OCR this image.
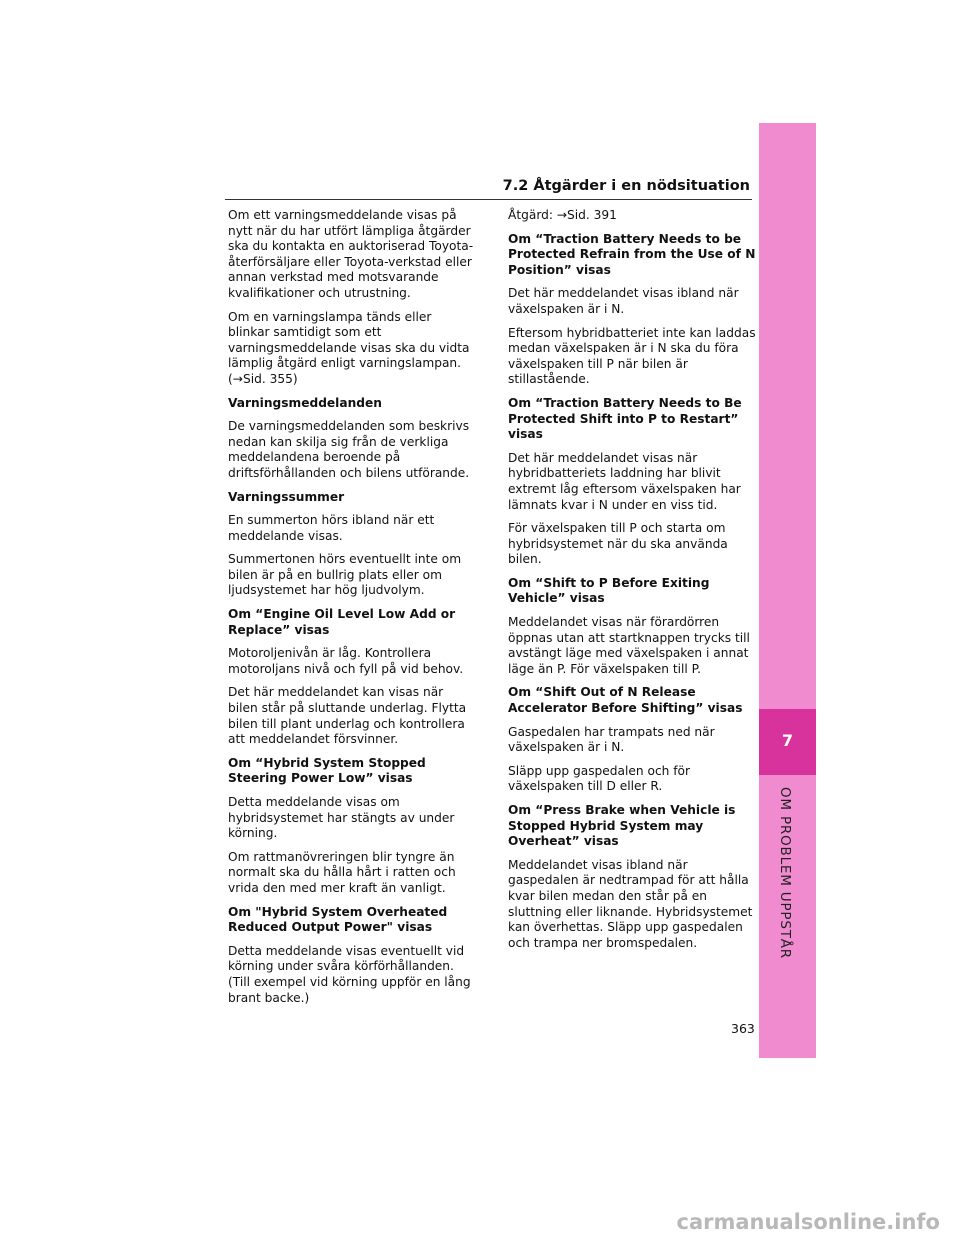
7.2 Åtgärder i en nödsituation

Om ett varningsmeddelande visas på nytt när du har utfört lämpliga åtgärder ska du kontakta en auktoriserad Toyota-återförsäljare eller Toyota-verkstad eller annan verkstad med motsvarande kvalifikationer och utrustning.

Om en varningslampa tänds eller blinkar samtidigt som ett varningsmeddelande visas ska du vidta lämplig åtgärd enligt varningslampan. (→Sid. 355)

Varningsmeddelanden

De varningsmeddelanden som beskrivs nedan kan skilja sig från de verkliga meddelandena beroende på driftsförhållanden och bilens utförande.

Varningssummer

En summerton hörs ibland när ett meddelande visas.

Summertonen hörs eventuellt inte om bilen är på en bullrig plats eller om ljudsystemet har hög ljudvolym.

Om “Engine Oil Level Low Add or Replace” visas

Motoroljenivån är låg. Kontrollera motoroljans nivå och fyll på vid behov.

Det här meddelandet kan visas när bilen står på sluttande underlag. Flytta bilen till plant underlag och kontrollera att meddelandet försvinner.

Om “Hybrid System Stopped Steering Power Low” visas

Detta meddelande visas om hybridsystemet har stängts av under körning.

Om rattmanövreringen blir tyngre än normalt ska du hålla hårt i ratten och vrida den med mer kraft än vanligt.

Om "Hybrid System Overheated Reduced Output Power" visas

Detta meddelande visas eventuellt vid körning under svåra körförhållanden. (Till exempel vid körning uppför en lång brant backe.)

Åtgärd: →Sid. 391

Om “Traction Battery Needs to be Protected Refrain from the Use of N Position” visas

Det här meddelandet visas ibland när växelspaken är i N.

Eftersom hybridbatteriet inte kan laddas medan växelspaken är i N ska du föra växelspaken till P när bilen är stillastående.

Om “Traction Battery Needs to Be Protected Shift into P to Restart” visas

Det här meddelandet visas när hybridbatteriets laddning har blivit extremt låg eftersom växelspaken har lämnats kvar i N under en viss tid.

För växelspaken till P och starta om hybridsystemet när du ska använda bilen.

Om “Shift to P Before Exiting Vehicle” visas

Meddelandet visas när förardörren öppnas utan att startknappen trycks till avstängt läge med växelspaken i annat läge än P. För växelspaken till P.

Om “Shift Out of N Release Accelerator Before Shifting” visas

Gaspedalen har trampats ned när växelspaken är i N.

Släpp upp gaspedalen och för växelspaken till D eller R.

Om “Press Brake when Vehicle is Stopped Hybrid System may Overheat” visas

Meddelandet visas ibland när gaspedalen är nedtrampad för att hålla kvar bilen medan den står på en sluttning eller liknande. Hybridsystemet kan överhettas. Släpp upp gaspedalen och trampa ner bromspedalen.

7
OM PROBLEM UPPSTÅR
363
carmanualsonline.info
